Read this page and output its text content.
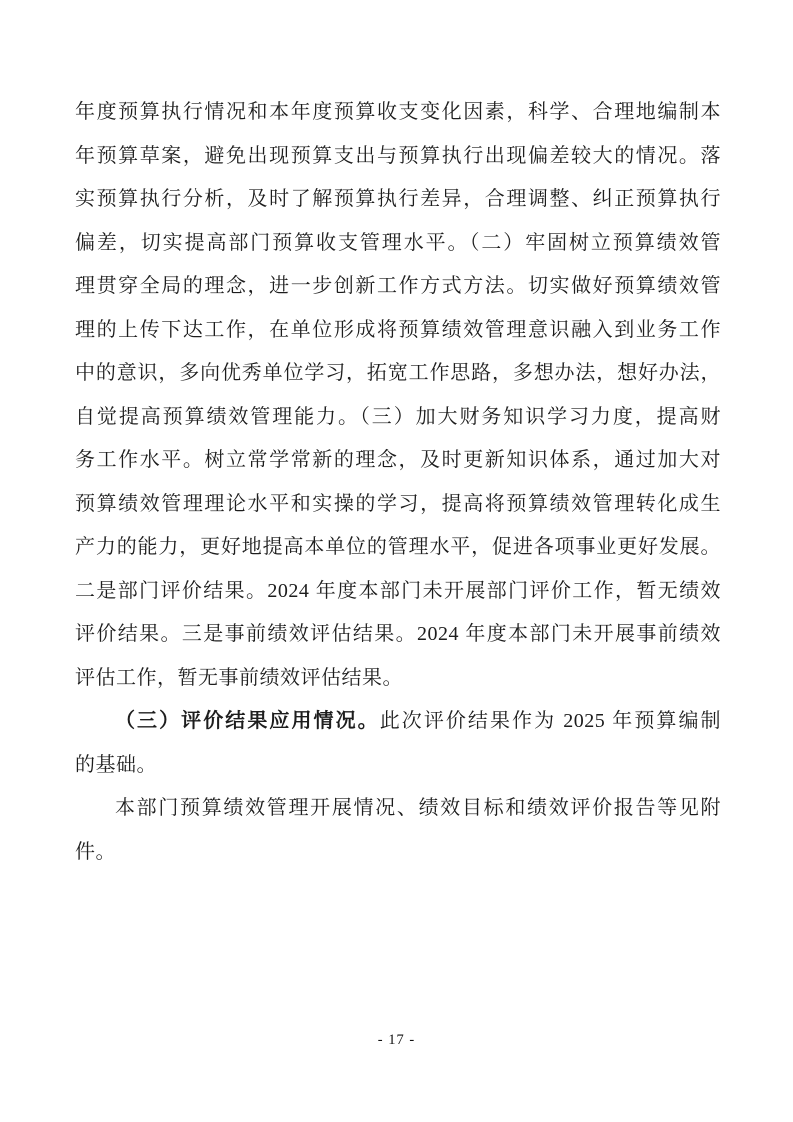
年度预算执行情况和本年度预算收支变化因素，科学、合理地编制本
年预算草案，避免出现预算支出与预算执行出现偏差较大的情况。落
实预算执行分析，及时了解预算执行差异，合理调整、纠正预算执行
偏差，切实提高部门预算收支管理水平。（二）牢固树立预算绩效管
理贯穿全局的理念，进一步创新工作方式方法。切实做好预算绩效管
理的上传下达工作，在单位形成将预算绩效管理意识融入到业务工作
中的意识，多向优秀单位学习，拓宽工作思路，多想办法，想好办法，
自觉提高预算绩效管理能力。（三）加大财务知识学习力度，提高财
务工作水平。树立常学常新的理念，及时更新知识体系，通过加大对
预算绩效管理理论水平和实操的学习，提高将预算绩效管理转化成生
产力的能力，更好地提高本单位的管理水平，促进各项事业更好发展。
二是部门评价结果。2024 年度本部门未开展部门评价工作，暂无绩效
评价结果。三是事前绩效评估结果。2024 年度本部门未开展事前绩效
评估工作，暂无事前绩效评估结果。
（三）评价结果应用情况。此次评价结果作为 2025 年预算编制
的基础。
本部门预算绩效管理开展情况、绩效目标和绩效评价报告等见附
件。
- 17 -
